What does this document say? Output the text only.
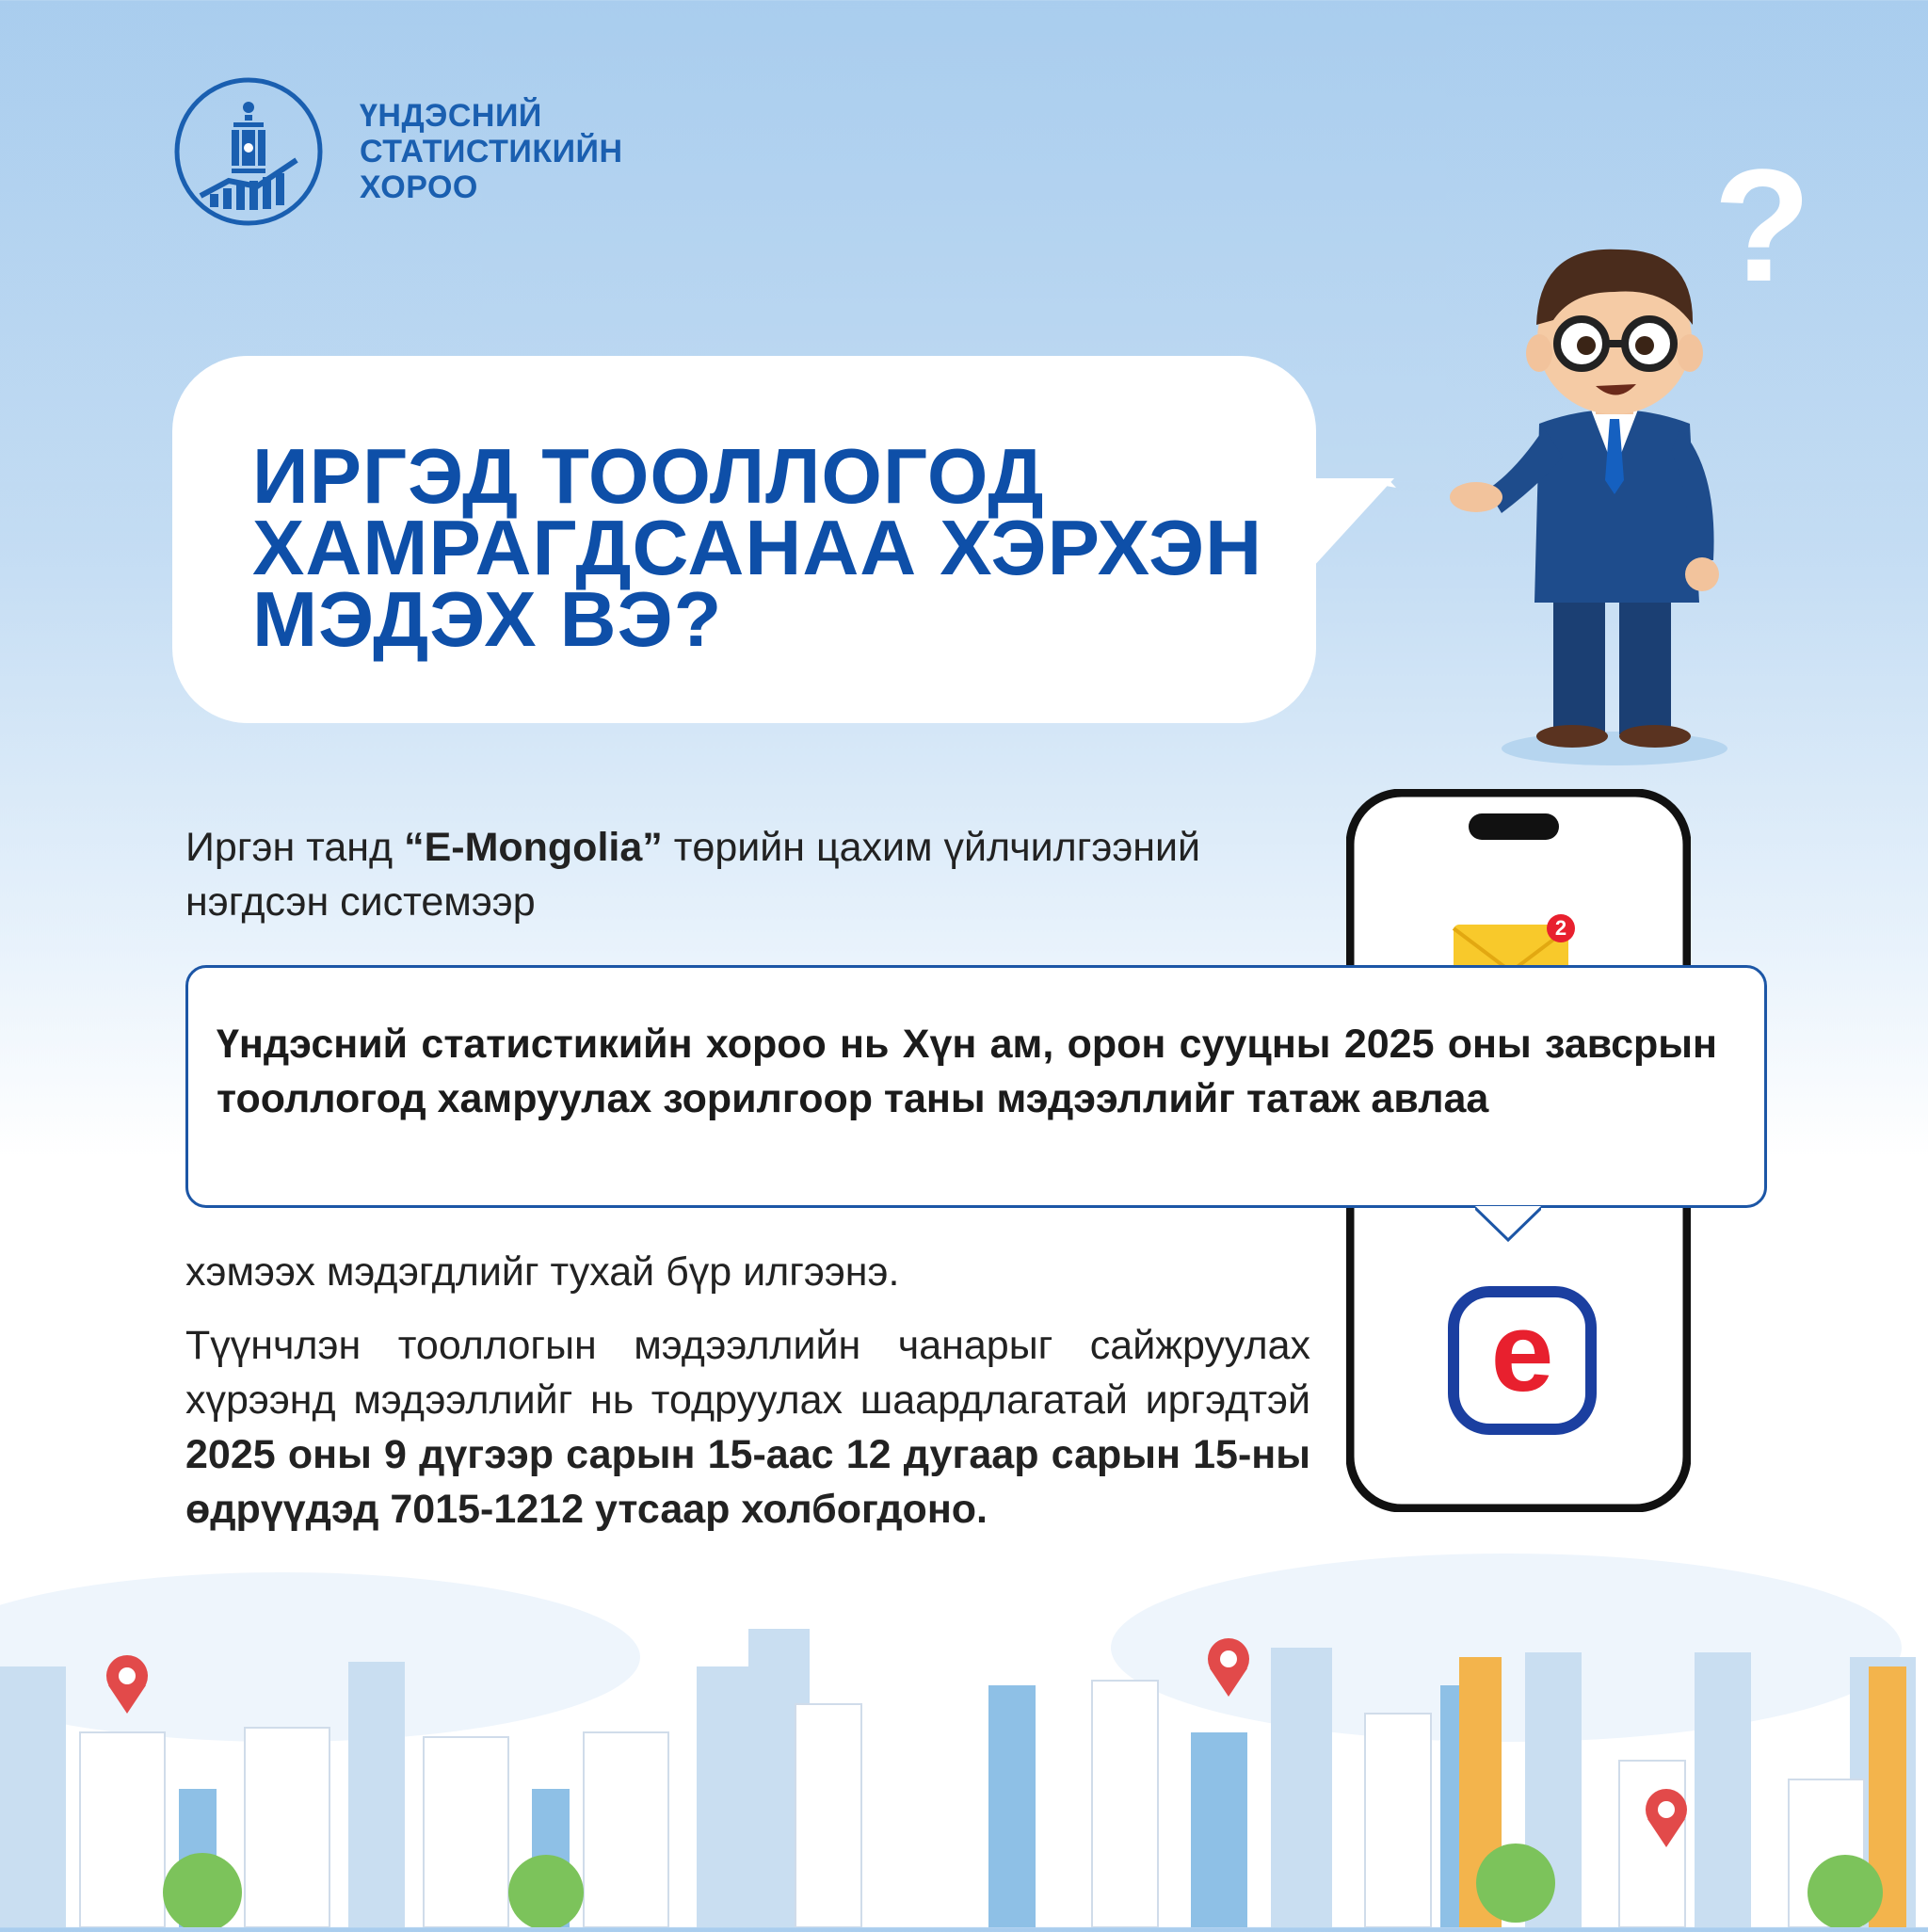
ҮНДЭСНИЙ
СТАТИСТИКИЙН
ХОРОО	?
ИРГЭД ТООЛЛОГОД
ХАМРАГДСАНАА ХЭРХЭН
МЭДЭХ ВЭ?
e
2
Иргэн танд “E-Mongolia” төрийн цахим үйлчилгээний нэгдсэн системээр
Үндэсний статистикийн хороо нь Хүн ам, орон сууцны 2025 оны завсрын тооллогод хамруулах зорилгоор таны мэдээллийг татаж авлаа
хэмээх мэдэгдлийг тухай бүр илгээнэ.
Түүнчлэн тооллогын мэдээллийн чанарыг сайжруулах хүрээнд мэдээллийг нь тодруулах шаардлагатай иргэдтэй 2025 оны 9 дүгээр сарын 15-аас 12 дугаар сарын 15-ны өдрүүдэд 7015-1212 утсаар холбогдоно.
